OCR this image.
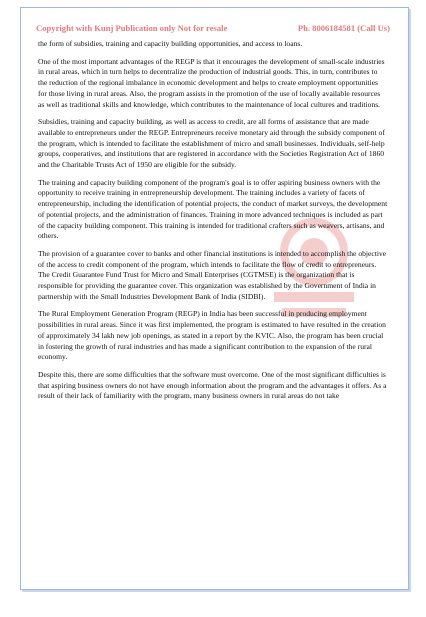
Copyright with Kunj Publication only Not for resale	Ph. 8006184581 (Call Us)

the form of subsidies, training and capacity building opportunities, and access to loans.

One of the most important advantages of the REGP is that it encourages the development of small-scale industries in rural areas, which in turn helps to decentralize the production of industrial goods. This, in turn, contributes to the reduction of the regional imbalance in economic development and helps to create employment opportunities for those living in rural areas. Also, the program assists in the promotion of the use of locally available resources as well as traditional skills and knowledge, which contributes to the maintenance of local cultures and traditions.

Subsidies, training and capacity building, as well as access to credit, are all forms of assistance that are made available to entrepreneurs under the REGP. Entrepreneurs receive monetary aid through the subsidy component of the program, which is intended to facilitate the establishment of micro and small businesses. Individuals, self-help groups, cooperatives, and institutions that are registered in accordance with the Societies Registration Act of 1860 and the Charitable Trusts Act of 1950 are eligible for the subsidy.

The training and capacity building component of the program's goal is to offer aspiring business owners with the opportunity to receive training in entrepreneurship development. The training includes a variety of facets of entrepreneurship, including the identification of potential projects, the conduct of market surveys, the development of potential projects, and the administration of finances. Training in more advanced techniques is included as part of the capacity building component. This training is intended for traditional crafters such as weavers, artisans, and others.

The provision of a guarantee cover to banks and other financial institutions is intended to accomplish the objective of the access to credit component of the program, which intends to facilitate the flow of credit to entrepreneurs. The Credit Guarantee Fund Trust for Micro and Small Enterprises (CGTMSE) is the organization that is responsible for providing the guarantee cover. This organization was established by the Government of India in partnership with the Small Industries Development Bank of India (SIDBI).

The Rural Employment Generation Program (REGP) in India has been successful in producing employment possibilities in rural areas. Since it was first implemented, the program is estimated to have resulted in the creation of approximately 34 lakh new job openings, as stated in a report by the KVIC. Also, the program has been crucial in fostering the growth of rural industries and has made a significant contribution to the expansion of the rural economy.

Despite this, there are some difficulties that the software must overcome. One of the most significant difficulties is that aspiring business owners do not have enough information about the program and the advantages it offers. As a result of their lack of familiarity with the program, many business owners in rural areas do not take
